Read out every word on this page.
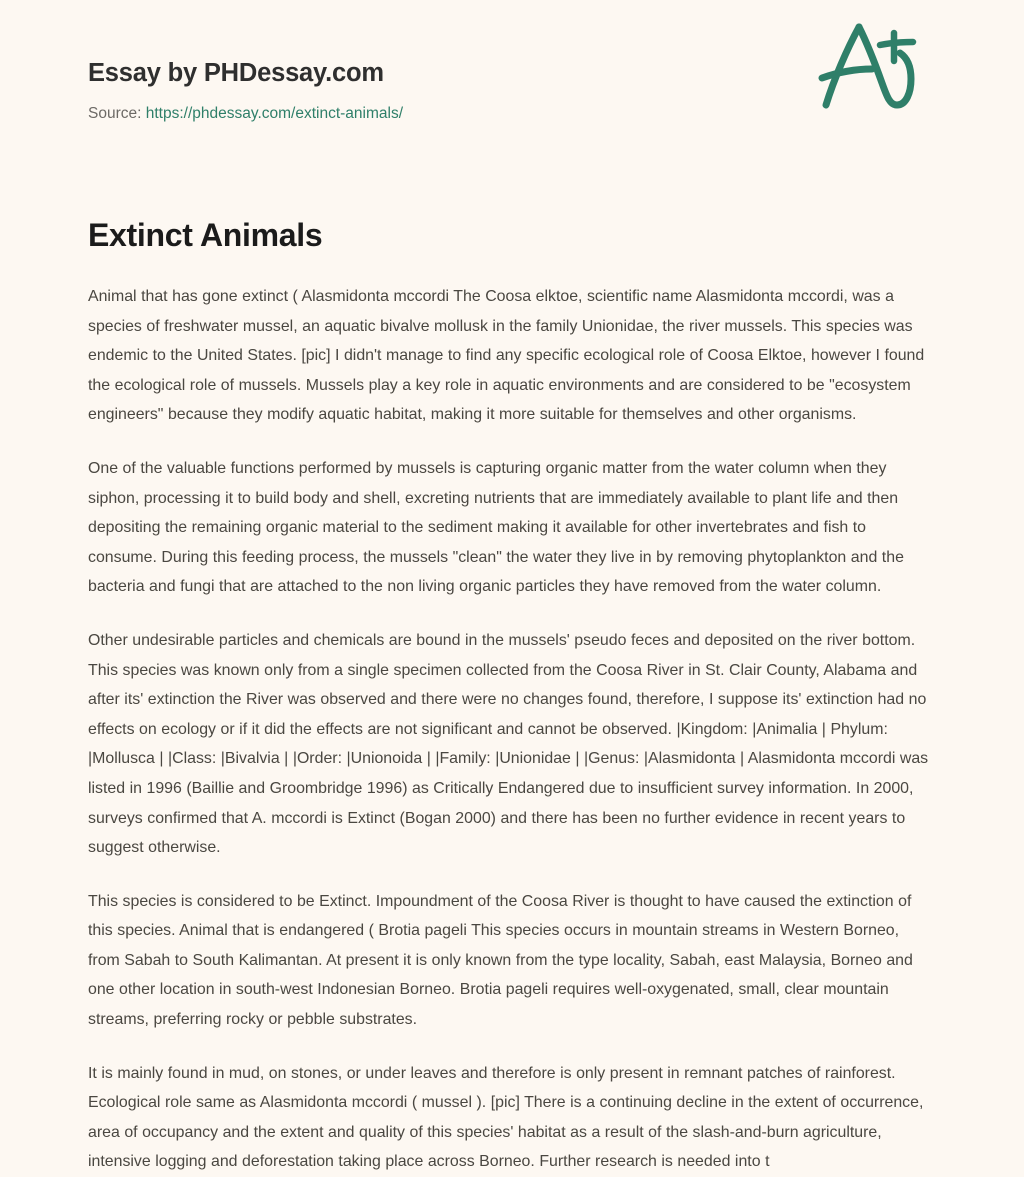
Essay by PHDessay.com
Source: https://phdessay.com/extinct-animals/
Extinct Animals

Animal that has gone extinct ( Alasmidonta mccordi The Coosa elktoe, scientific name Alasmidonta mccordi, was a species of freshwater mussel, an aquatic bivalve mollusk in the family Unionidae, the river mussels. This species was endemic to the United States. [pic] I didn't manage to find any specific ecological role of Coosa Elktoe, however I found the ecological role of mussels. Mussels play a key role in aquatic environments and are considered to be "ecosystem engineers" because they modify aquatic habitat, making it more suitable for themselves and other organisms.

One of the valuable functions performed by mussels is capturing organic matter from the water column when they siphon, processing it to build body and shell, excreting nutrients that are immediately available to plant life and then depositing the remaining organic material to the sediment making it available for other invertebrates and fish to consume. During this feeding process, the mussels "clean" the water they live in by removing phytoplankton and the bacteria and fungi that are attached to the non living organic particles they have removed from the water column.

Other undesirable particles and chemicals are bound in the mussels' pseudo feces and deposited on the river bottom. This species was known only from a single specimen collected from the Coosa River in St. Clair County, Alabama and after its' extinction the River was observed and there were no changes found, therefore, I suppose its' extinction had no effects on ecology or if it did the effects are not significant and cannot be observed. |Kingdom: |Animalia | Phylum: |Mollusca | |Class: |Bivalvia | |Order: |Unionoida | |Family: |Unionidae | |Genus: |Alasmidonta | Alasmidonta mccordi was listed in 1996 (Baillie and Groombridge 1996) as Critically Endangered due to insufficient survey information. In 2000, surveys confirmed that A. mccordi is Extinct (Bogan 2000) and there has been no further evidence in recent years to suggest otherwise.

This species is considered to be Extinct. Impoundment of the Coosa River is thought to have caused the extinction of this species. Animal that is endangered ( Brotia pageli This species occurs in mountain streams in Western Borneo, from Sabah to South Kalimantan. At present it is only known from the type locality, Sabah, east Malaysia, Borneo and one other location in south-west Indonesian Borneo. Brotia pageli requires well-oxygenated, small, clear mountain streams, preferring rocky or pebble substrates.

It is mainly found in mud, on stones, or under leaves and therefore is only present in remnant patches of rainforest. Ecological role same as Alasmidonta mccordi ( mussel ). [pic] There is a continuing decline in the extent of occurrence, area of occupancy and the extent and quality of this species' habitat as a result of the slash-and-burn agriculture, intensive logging and deforestation taking place across Borneo. Further research is needed into t
